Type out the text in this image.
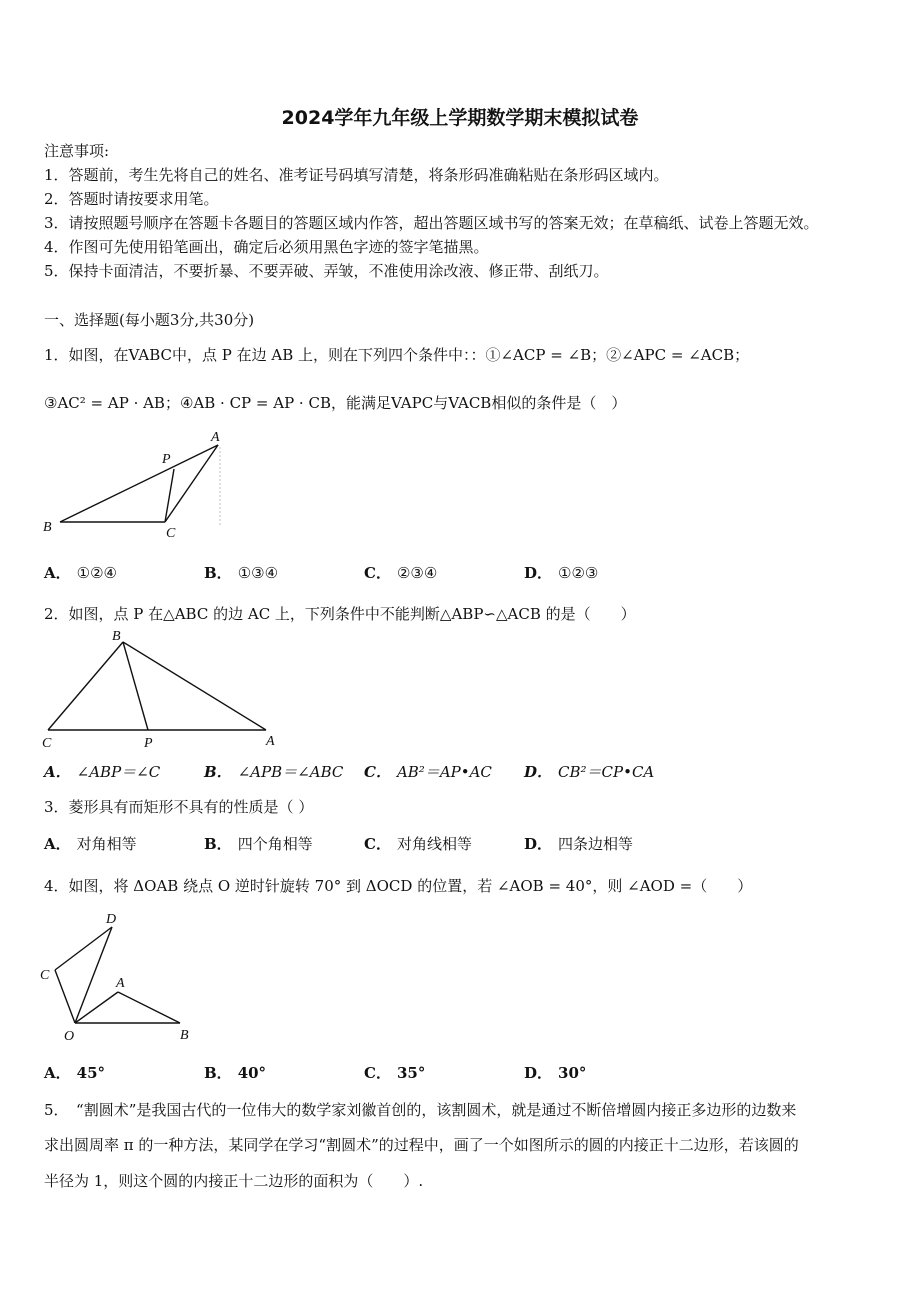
2024学年九年级上学期数学期末模拟试卷
注意事项:
1．答题前，考生先将自己的姓名、准考证号码填写清楚，将条形码准确粘贴在条形码区域内。
2．答题时请按要求用笔。
3．请按照题号顺序在答题卡各题目的答题区域内作答，超出答题区域书写的答案无效；在草稿纸、试卷上答题无效。
4．作图可先使用铅笔画出，确定后必须用黑色字迹的签字笔描黑。
5．保持卡面清洁，不要折暴、不要弄破、弄皱，不准使用涂改液、修正带、刮纸刀。
一、选择题(每小题3分,共30分)
1．如图，在VABC中，点 P 在边 AB 上，则在下列四个条件中：：①∠ACP = ∠B；②∠APC = ∠ACB；
③AC² = AP · AB；④AB · CP = AP · CB，能满足VAPC与VACB相似的条件是（　）
A
P
B	C
A． ①②④	B． ①③④	C． ②③④	D． ①②③
2．如图，点 P 在△ABC 的边 AC 上，下列条件中不能判断△ABP∽△ACB 的是（　　）
B
C	P	A
A． ∠ABP＝∠C	B． ∠APB＝∠ABC C． AB²＝AP•AC D． CB²＝CP•CA
3．菱形具有而矩形不具有的性质是（ ）
A． 对角相等	B． 四个角相等	C． 对角线相等	D． 四条边相等
4．如图，将 ΔOAB 绕点 O 逆时针旋转 70° 到 ΔOCD 的位置，若 ∠AOB = 40°，则 ∠AOD =（　　）
D
C
A
O	B
A． 45°	B． 40°	C． 35°	D． 30°
5．　“割圆术”是我国古代的一位伟大的数学家刘徽首创的，该割圆术，就是通过不断倍增圆内接正多边形的边数来
求出圆周率 π 的一种方法，某同学在学习“割圆术”的过程中，画了一个如图所示的圆的内接正十二边形，若该圆的
半径为 1，则这个圆的内接正十二边形的面积为（　　）.
